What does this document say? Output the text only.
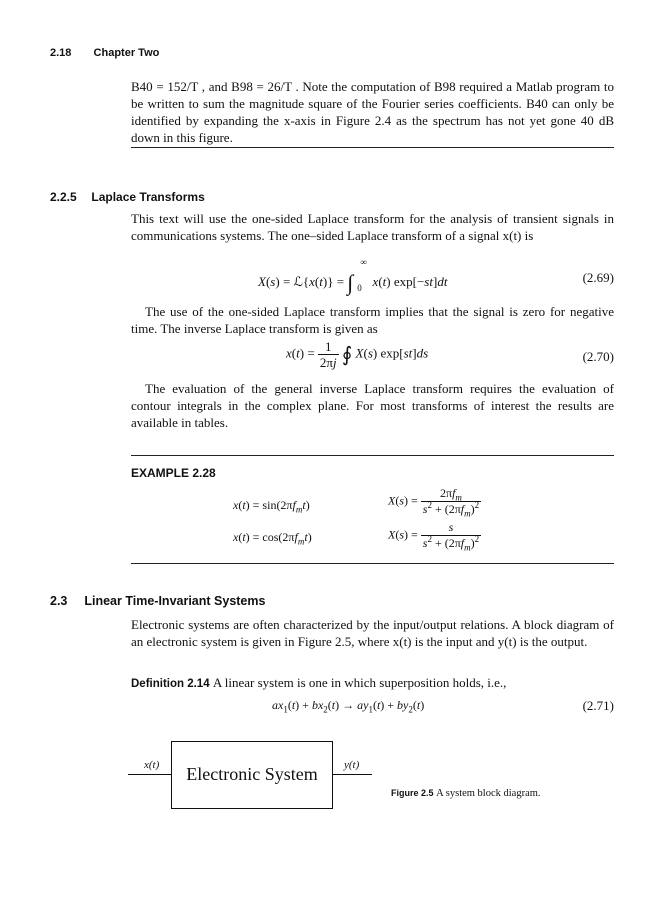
2.18 Chapter Two
B40 = 152/T , and B98 = 26/T . Note the computation of B98 required a Matlab program to be written to sum the magnitude square of the Fourier series coefficients. B40 can only be identified by expanding the x-axis in Figure 2.4 as the spectrum has not yet gone 40 dB down in this figure.
2.2.5 Laplace Transforms
This text will use the one-sided Laplace transform for the analysis of transient signals in communications systems. The one–sided Laplace transform of a signal x(t) is
X(s) = ℒ{x(t)} = ∫
∞
0 x(t) exp[−st]dt	(2.69)
The use of the one-sided Laplace transform implies that the signal is zero for negative time. The inverse Laplace transform is given as
$x(t) = \frac{1}{2\pi j}$ ∮ X(s) exp[st]ds	(2.70)
The evaluation of the general inverse Laplace transform requires the evaluation of contour integrals in the complex plane. For most transforms of interest the results are available in tables.
EXAMPLE 2.28
$x(t) = \sin(2\pi f_mt)$	$X(s) = \frac{2\pi f_m}{s^2 + (2\pi f_m)^2}$
$x(t) = \cos(2\pi f_mt)$	$X(s) = \frac{s}{s^2 + (2\pi f_m)^2}$
2.3 Linear Time-Invariant Systems
Electronic systems are often characterized by the input/output relations. A block diagram of an electronic system is given in Figure 2.5, where x(t) is the input and y(t) is the output.
Definition 2.14 A linear system is one in which superposition holds, i.e.,
$ax_1(t) + bx_2(t) \to ay_1(t) + by_2(t)$	(2.71)
x(t)	Electronic System	y(t)
Figure 2.5 A system block diagram.
